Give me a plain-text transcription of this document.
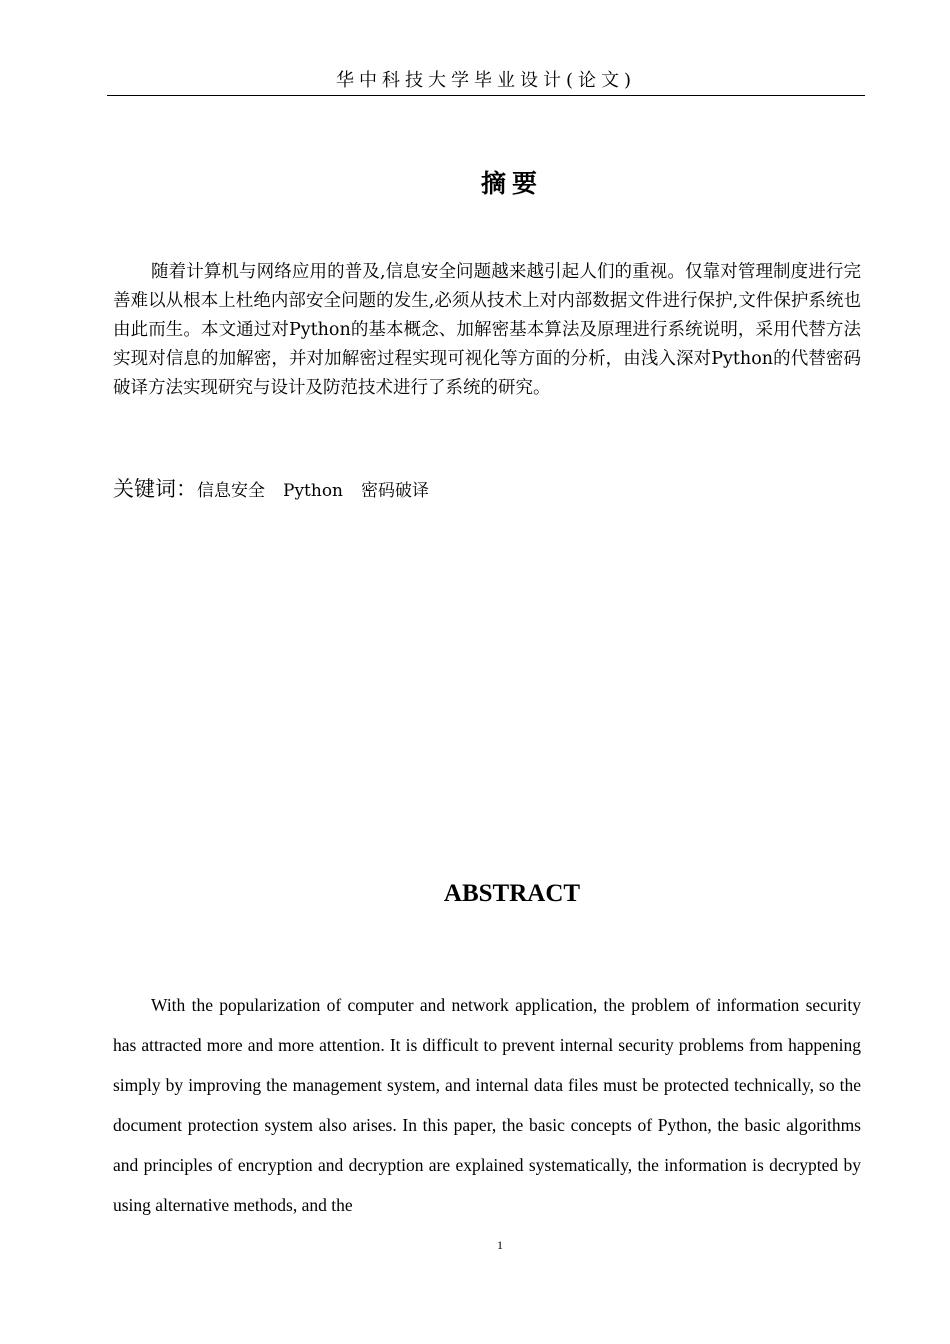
华中科技大学毕业设计(论文)
摘要

随着计算机与网络应用的普及,信息安全问题越来越引起人们的重视。仅靠对管理制度进行完善难以从根本上杜绝内部安全问题的发生,必须从技术上对内部数据文件进行保护,文件保护系统也由此而生。本文通过对Python的基本概念、加解密基本算法及原理进行系统说明，采用代替方法实现对信息的加解密，并对加解密过程实现可视化等方面的分析，由浅入深对Python的代替密码破译方法实现研究与设计及防范技术进行了系统的研究。

关键词：信息安全 Python 密码破译
ABSTRACT

With the popularization of computer and network application, the problem of information security has attracted more and more attention. It is difficult to prevent internal security problems from happening simply by improving the management system, and internal data files must be protected technically, so the document protection system also arises. In this paper, the basic concepts of Python, the basic algorithms and principles of encryption and decryption are explained systematically, the information is decrypted by using alternative methods, and the

1
